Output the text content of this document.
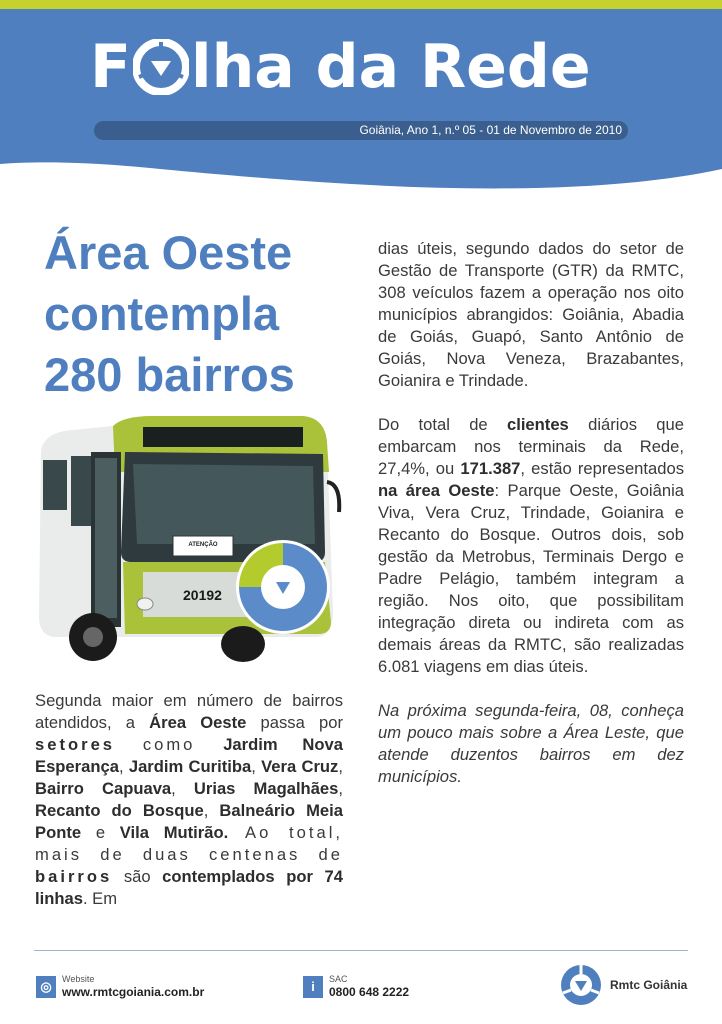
F lha da Rede
Goiânia, Ano 1, n.º 05 - 01 de Novembro de 2010
Área Oeste
contempla
280 bairros
ATENÇÃO
20192
Segunda maior em número de bairros atendidos, a Área Oeste passa por setores como Jardim Nova Esperança, Jardim Curitiba, Vera Cruz, Bairro Capuava, Urias Magalhães, Recanto do Bosque, Balneário Meia Ponte e Vila Mutirão. Ao total, mais de duas centenas de bairros são contemplados por 74 linhas. Em

dias úteis, segundo dados do setor de Gestão de Transporte (GTR) da RMTC, 308 veículos fazem a operação nos oito municípios abrangidos: Goiânia, Abadia de Goiás, Guapó, Santo Antônio de Goiás, Nova Veneza, Brazabantes, Goianira e Trindade.

Do total de clientes diários que embarcam nos terminais da Rede, 27,4%, ou 171.387, estão representados na área Oeste: Parque Oeste, Goiânia Viva, Vera Cruz, Trindade, Goianira e Recanto do Bosque. Outros dois, sob gestão da Metrobus, Terminais Dergo e Padre Pelágio, também integram a região. Nos oito, que possibilitam integração direta ou indireta com as demais áreas da RMTC, são realizadas 6.081 viagens em dias úteis.

Na próxima segunda-feira, 08, conheça um pouco mais sobre a Área Leste, que atende duzentos bairros em dez municípios.

◎	Website
www.rmtcgoiania.com.br	i	SAC
0800 648 2222	Rmtc Goiânia
